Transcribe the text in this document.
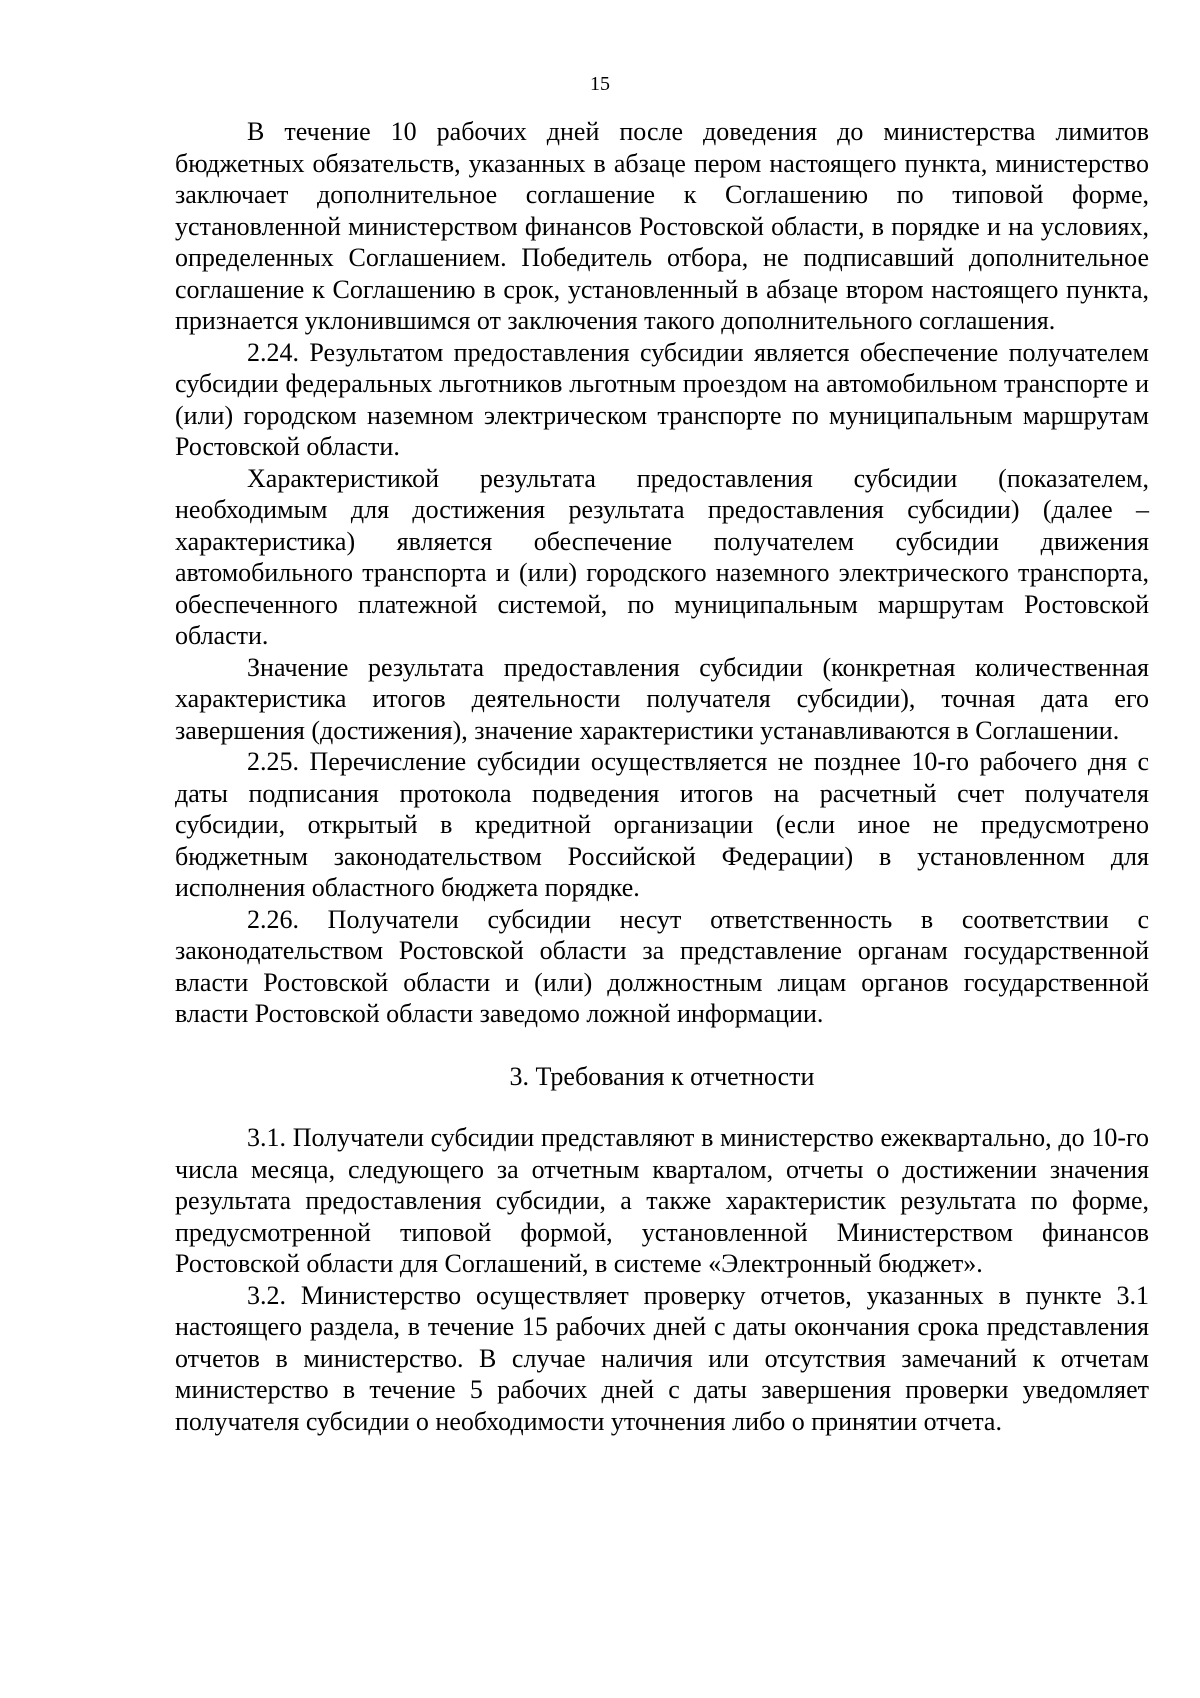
15

В течение 10 рабочих дней после доведения до министерства лимитов бюджетных обязательств, указанных в абзаце пером настоящего пункта, министерство заключает дополнительное соглашение к Соглашению по типовой форме, установленной министерством финансов Ростовской области, в порядке и на условиях, определенных Соглашением. Победитель отбора, не подписавший дополнительное соглашение к Соглашению в срок, установленный в абзаце втором настоящего пункта, признается уклонившимся от заключения такого дополнительного соглашения.

2.24. Результатом предоставления субсидии является обеспечение получателем субсидии федеральных льготников льготным проездом на автомобильном транспорте и (или) городском наземном электрическом транспорте по муниципальным маршрутам Ростовской области.

Характеристикой результата предоставления субсидии (показателем, необходимым для достижения результата предоставления субсидии) (далее – характеристика) является обеспечение получателем субсидии движения автомобильного транспорта и (или) городского наземного электрического транспорта, обеспеченного платежной системой, по муниципальным маршрутам Ростовской области.

Значение результата предоставления субсидии (конкретная количественная характеристика итогов деятельности получателя субсидии), точная дата его завершения (достижения), значение характеристики устанавливаются в Соглашении.

2.25. Перечисление субсидии осуществляется не позднее 10-го рабочего дня с даты подписания протокола подведения итогов на расчетный счет получателя субсидии, открытый в кредитной организации (если иное не предусмотрено бюджетным законодательством Российской Федерации) в установленном для исполнения областного бюджета порядке.

2.26. Получатели субсидии несут ответственность в соответствии с законодательством Ростовской области за представление органам государственной власти Ростовской области и (или) должностным лицам органов государственной власти Ростовской области заведомо ложной информации.

3. Требования к отчетности

3.1. Получатели субсидии представляют в министерство ежеквартально, до 10-го числа месяца, следующего за отчетным кварталом, отчеты о достижении значения результата предоставления субсидии, а также характеристик результата по форме, предусмотренной типовой формой, установленной Министерством финансов Ростовской области для Соглашений, в системе «Электронный бюджет».

3.2. Министерство осуществляет проверку отчетов, указанных в пункте 3.1 настоящего раздела, в течение 15 рабочих дней с даты окончания срока представления отчетов в министерство. В случае наличия или отсутствия замечаний к отчетам министерство в течение 5 рабочих дней с даты завершения проверки уведомляет получателя субсидии о необходимости уточнения либо о принятии отчета.
